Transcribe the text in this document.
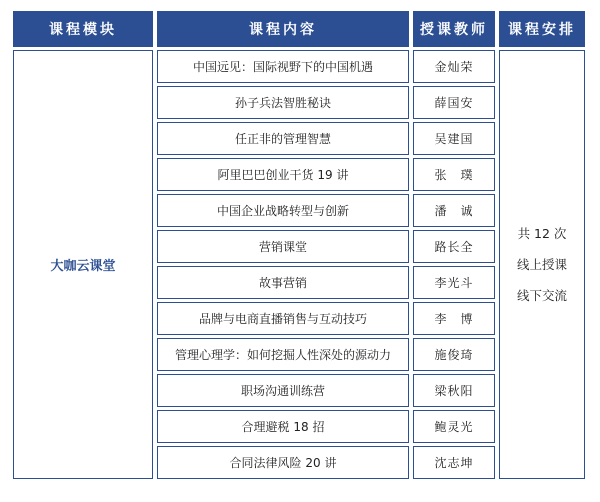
课程模块	课程内容	授课教师	课程安排
大咖云课堂	中国远见：国际视野下的中国机遇	金灿荣	共 12 次
线上授课
线下交流

	孙子兵法智胜秘诀	薛国安	
	任正非的管理智慧	吴建国	
	阿里巴巴创业干货 19 讲	张　璞	
	中国企业战略转型与创新	潘　诚	
	营销课堂	路长全	
	故事营销	李光斗	
	品牌与电商直播销售与互动技巧	李　博	
	管理心理学：如何挖掘人性深处的源动力	施俊琦	
	职场沟通训练营	梁秋阳	
	合理避税 18 招	鲍灵光	
	合同法律风险 20 讲	沈志坤	
